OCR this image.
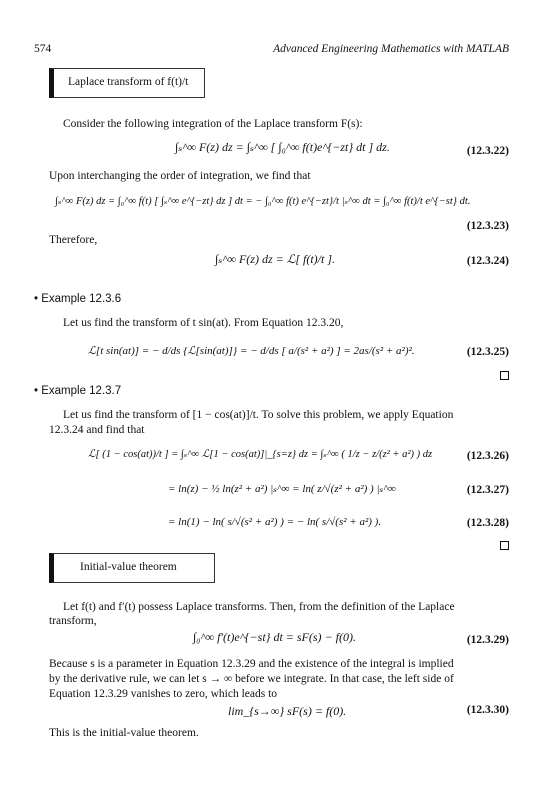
574	Advanced Engineering Mathematics with MATLAB
Laplace transform of f(t)/t
Consider the following integration of the Laplace transform F(s):
∫ₛ^∞ F(z) dz = ∫ₛ^∞ [ ∫₀^∞ f(t)e^{−zt} dt ] dz.	(12.3.22)
Upon interchanging the order of integration, we find that
∫ₛ^∞ F(z) dz = ∫₀^∞ f(t) [ ∫ₛ^∞ e^{−zt} dz ] dt = − ∫₀^∞ f(t) e^{−zt}/t |ₛ^∞ dt = ∫₀^∞ f(t)/t e^{−st} dt.
(12.3.23)
Therefore,
∫ₛ^∞ F(z) dz = ℒ[ f(t)/t ].	(12.3.24)
• Example 12.3.6
Let us find the transform of t sin(at). From Equation 12.3.20,
ℒ[t sin(at)] = − d/ds {ℒ[sin(at)]} = − d/ds [ a/(s² + a²) ] = 2as/(s² + a²)².	(12.3.25)
• Example 12.3.7
Let us find the transform of [1 − cos(at)]/t. To solve this problem, we apply Equation
12.3.24 and find that
ℒ[ (1 − cos(at))/t ] = ∫ₛ^∞ ℒ[1 − cos(at)]|_{s=z} dz = ∫ₛ^∞ ( 1/z − z/(z² + a²) ) dz	(12.3.26)
= ln(z) − ½ ln(z² + a²) |ₛ^∞ = ln( z/√(z² + a²) ) |ₛ^∞	(12.3.27)
= ln(1) − ln( s/√(s² + a²) ) = − ln( s/√(s² + a²) ).	(12.3.28)
Initial-value theorem
Let f(t) and f′(t) possess Laplace transforms. Then, from the definition of the Laplace
transform,
∫₀^∞ f′(t)e^{−st} dt = sF(s) − f(0).	(12.3.29)
Because s is a parameter in Equation 12.3.29 and the existence of the integral is implied
by the derivative rule, we can let s → ∞ before we integrate. In that case, the left side of
Equation 12.3.29 vanishes to zero, which leads to
lim_{s→∞} sF(s) = f(0).	(12.3.30)
This is the initial-value theorem.
